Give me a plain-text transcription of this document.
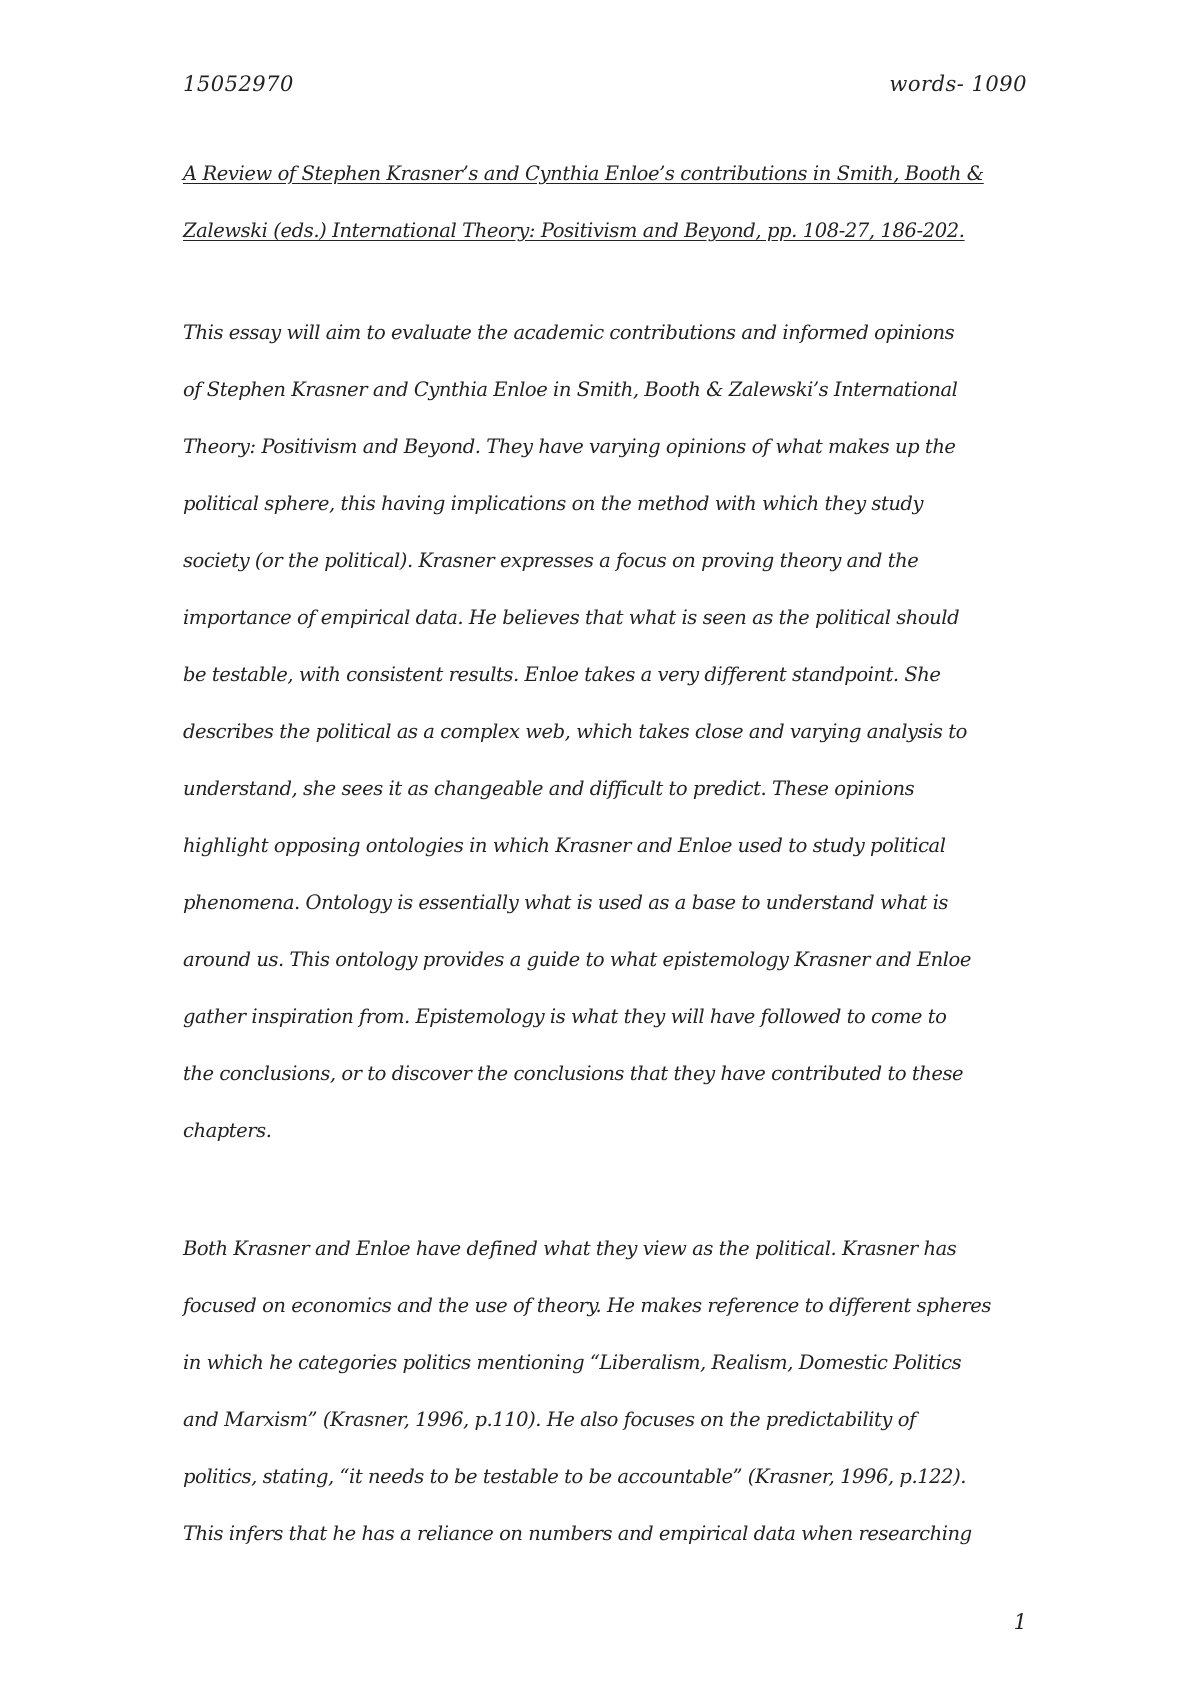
15052970	words- 1090
A Review of Stephen Krasner’s and Cynthia Enloe’s contributions in Smith, Booth &
Zalewski (eds.) International Theory: Positivism and Beyond, pp. 108-27, 186-202.
This essay will aim to evaluate the academic contributions and informed opinions
of Stephen Krasner and Cynthia Enloe in Smith, Booth & Zalewski’s International
Theory: Positivism and Beyond. They have varying opinions of what makes up the
political sphere, this having implications on the method with which they study
society (or the political). Krasner expresses a focus on proving theory and the
importance of empirical data. He believes that what is seen as the political should
be testable, with consistent results. Enloe takes a very different standpoint. She
describes the political as a complex web, which takes close and varying analysis to
understand, she sees it as changeable and difficult to predict. These opinions
highlight opposing ontologies in which Krasner and Enloe used to study political
phenomena. Ontology is essentially what is used as a base to understand what is
around us. This ontology provides a guide to what epistemology Krasner and Enloe
gather inspiration from. Epistemology is what they will have followed to come to
the conclusions, or to discover the conclusions that they have contributed to these
chapters.
Both Krasner and Enloe have defined what they view as the political. Krasner has
focused on economics and the use of theory. He makes reference to different spheres
in which he categories politics mentioning “Liberalism, Realism, Domestic Politics
and Marxism” (Krasner, 1996, p.110). He also focuses on the predictability of
politics, stating, “it needs to be testable to be accountable” (Krasner, 1996, p.122).
This infers that he has a reliance on numbers and empirical data when researching
1
